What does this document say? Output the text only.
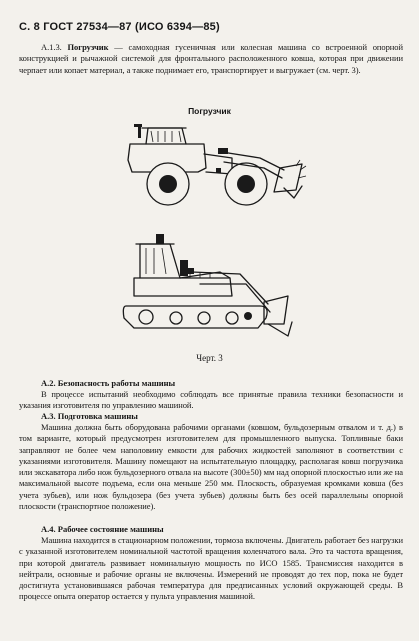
С. 8 ГОСТ 27534—87 (ИСО 6394—85)

А.1.3. Погрузчик — самоходная гусеничная или колесная машина со встроенной опорной конструкцией и рычажной системой для фронтального расположенного ковша, которая при движении черпает или копает материал, а также поднимает его, транспортирует и выгружает (см. черт. 3).

Погрузчик
Черт. 3
А.2. Безопасность работы машины

В процессе испытаний необходимо соблюдать все принятые правила техники безопасности и указания изготовителя по управлению машиной.

А.3. Подготовка машины

Машина должна быть оборудована рабочими органами (ковшом, бульдозерным отвалом и т. д.) в том варианте, который предусмотрен изготовителем для промышленного выпуска. Топливные баки заправляют не более чем наполовину емкости для рабочих жидкостей заполняют в соответствии с указаниями изготовителя. Машину помещают на испытательную площадку, располагая ковш погрузчика или экскаватора либо нож бульдозерного отвала на высоте (300±50) мм над опорной плоскостью или же на максимальной высоте подъема, если она меньше 250 мм. Плоскость, образуемая кромками ковша (без учета зубьев), или нож бульдозера (без учета зубьев) должны быть без осей параллельны опорной плоскости (транспортное положение).

А.4. Рабочее состояние машины

Машина находится в стационарном положении, тормоза включены. Двигатель работает без нагрузки с указанной изготовителем номинальной частотой вращения коленчатого вала. Это та частота вращения, при которой двигатель развивает номинальную мощность по ИСО 1585. Трансмиссия находится в нейтрали, основные и рабочие органы не включены. Измерений не проводят до тех пор, пока не будет достигнута установившаяся рабочая температура для предписанных условий окружающей среды. В процессе опыта оператор остается у пульта управления машиной.
